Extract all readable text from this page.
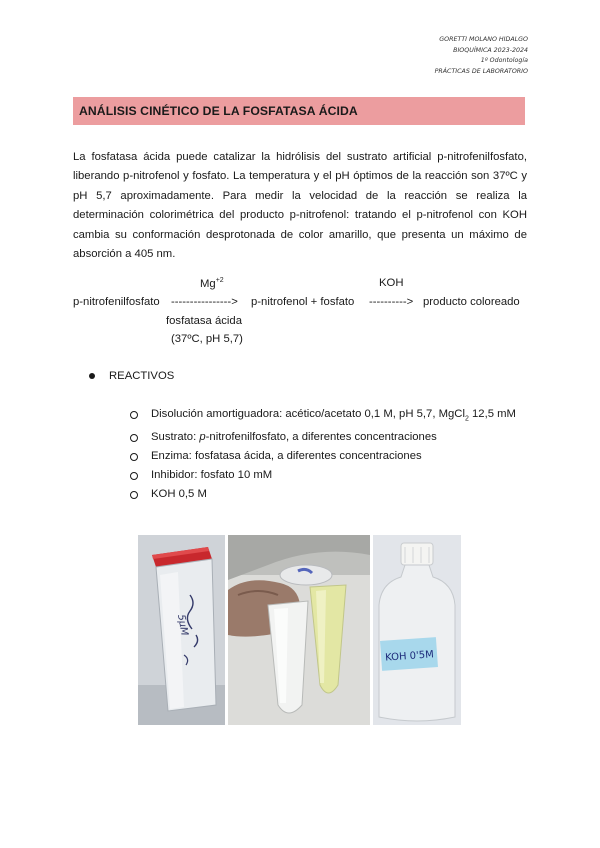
GORETTI MOLANO HIDALGO
BIOQUÍMICA 2023-2024
1º Odontología
PRÁCTICAS DE LABORATORIO
ANÁLISIS CINÉTICO DE LA FOSFATASA ÁCIDA

La fosfatasa ácida puede catalizar la hidrólisis del sustrato artificial p-nitrofenilfosfato, liberando p-nitrofenol y fosfato. La temperatura y el pH óptimos de la reacción son 37ºC y pH 5,7 aproximadamente. Para medir la velocidad de la reacción se realiza la determinación colorimétrica del producto p-nitrofenol: tratando el p-nitrofenol con KOH cambia su conformación desprotonada de color amarillo, que presenta un máximo de absorción a 405 nm.

$Mg^{+2}$	KOH
p-nitrofenilfosfato ----------------> p-nitrofenol + fosfato ----------> producto coloreado
fosfatasa ácida
(37ºC, pH 5,7)
REACTIVOS
Disolución amortiguadora: acético/acetato 0,1 M, pH 5,7, MgCl$_2$ 12,5 mM
Sustrato: p-nitrofenilfosfato, a diferentes concentraciones
Enzima: fosfatasa ácida, a diferentes concentraciones
Inhibidor: fosfato 10 mM
KOH 0,5 M
5μM
KOH 0'5M
